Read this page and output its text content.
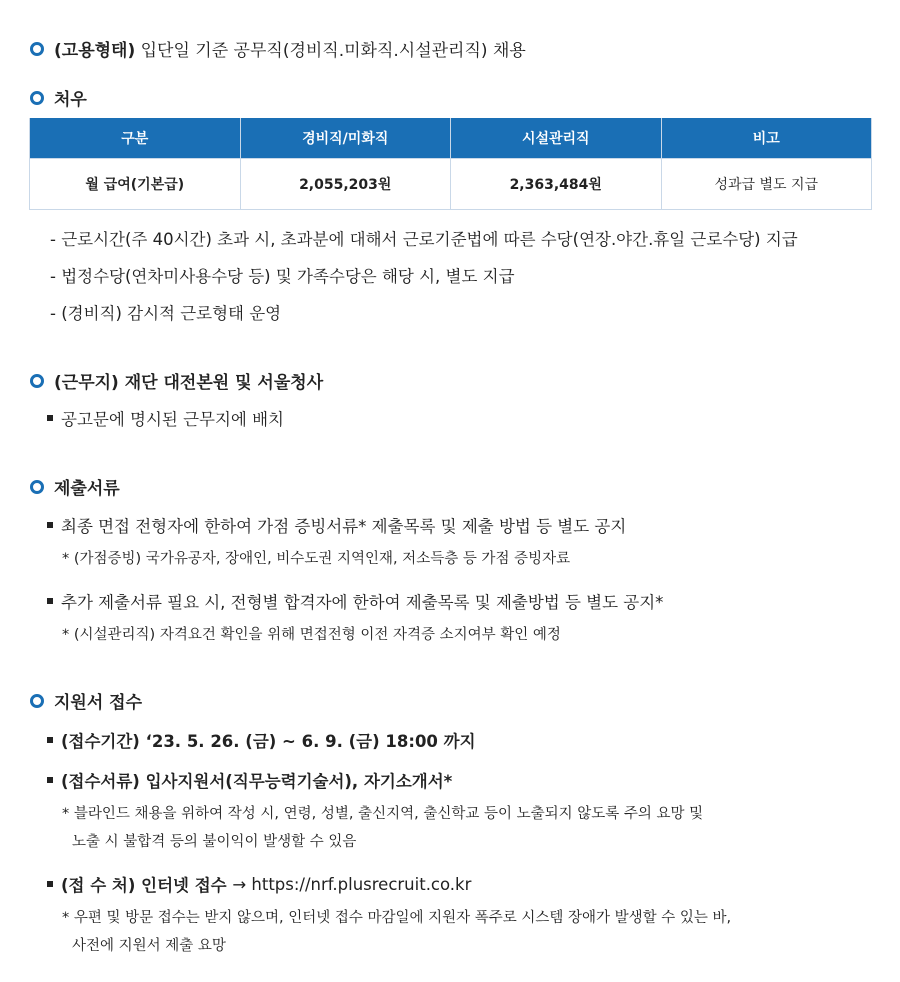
(고용형태) 입단일 기준 공무직(경비직.미화직.시설관리직) 채용
처우
구분	경비직/미화직	시설관리직	비고
월 급여(기본급)	2,055,203원	2,363,484원	성과급 별도 지급
- 근로시간(주 40시간) 초과 시, 초과분에 대해서 근로기준법에 따른 수당(연장.야간.휴일 근로수당) 지급
- 법정수당(연차미사용수당 등) 및 가족수당은 해당 시, 별도 지급
- (경비직) 감시적 근로형태 운영
(근무지) 재단 대전본원 및 서울청사
공고문에 명시된 근무지에 배치
제출서류
최종 면접 전형자에 한하여 가점 증빙서류* 제출목록 및 제출 방법 등 별도 공지
* (가점증빙) 국가유공자, 장애인, 비수도권 지역인재, 저소득층 등 가점 증빙자료
추가 제출서류 필요 시, 전형별 합격자에 한하여 제출목록 및 제출방법 등 별도 공지*
* (시설관리직) 자격요건 확인을 위해 면접전형 이전 자격증 소지여부 확인 예정
지원서 접수
(접수기간) ‘23. 5. 26. (금) ~ 6. 9. (금) 18:00 까지
(접수서류) 입사지원서(직무능력기술서), 자기소개서*
* 블라인드 채용을 위하여 작성 시, 연령, 성별, 출신지역, 출신학교 등이 노출되지 않도록 주의 요망 및
노출 시 불합격 등의 불이익이 발생할 수 있음
(접 수 처) 인터넷 접수 → https://nrf.plusrecruit.co.kr
* 우편 및 방문 접수는 받지 않으며, 인터넷 접수 마감일에 지원자 폭주로 시스템 장애가 발생할 수 있는 바,
사전에 지원서 제출 요망
